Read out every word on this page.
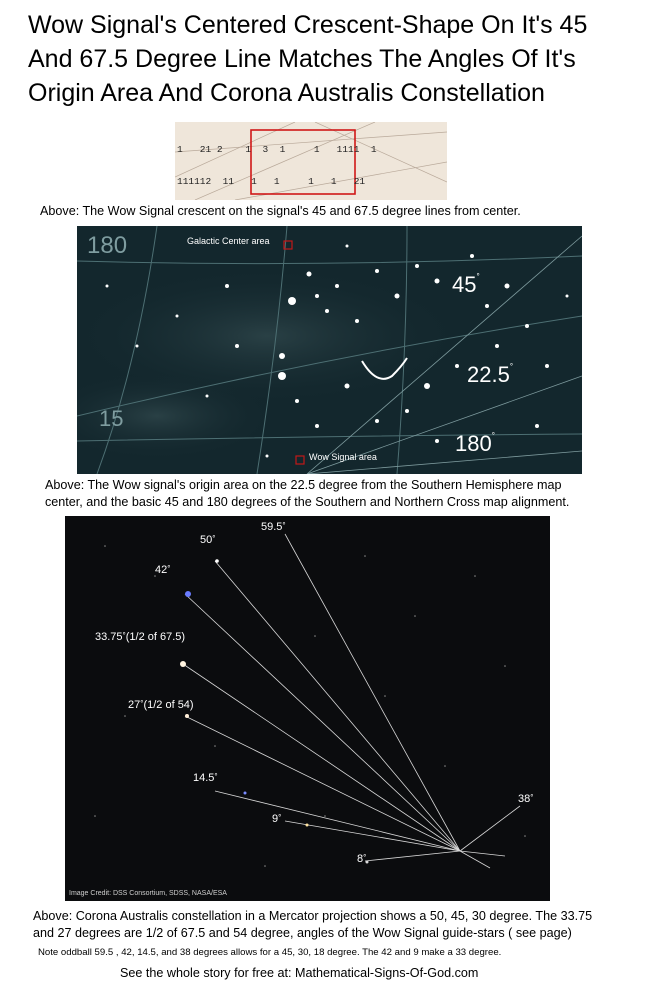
Wow Signal's Centered Crescent-Shape On It's 45
And 67.5 Degree Line Matches The Angles Of It's
Origin Area And Corona Australis Constellation

1   21 2    1  3  1     1   1111  1

111112  11   1   1     1   1   21

Above: The Wow Signal crescent on the signal's 45 and 67.5 degree lines from center.
180
15
Galactic Center area
Wow Signal area
45°
22.5°
180°
Above: The Wow signal's origin area on the 22.5 degree from the Southern Hemisphere map
center, and the basic 45 and 180 degrees of the Southern and Northern Cross map alignment.
59.5°
50°
42°
33.75°(1/2 of 67.5)
27°(1/2 of 54)
14.5°
9°
8°
38°
Image Credit: DSS Consortium, SDSS, NASA/ESA
Above: Corona Australis constellation in a Mercator projection shows a 50, 45, 30 degree. The 33.75
and 27 degrees are 1/2 of 67.5 and 54 degree, angles of the Wow Signal guide-stars ( see page)
Note oddball 59.5 , 42, 14.5, and 38 degrees allows for a 45, 30, 18 degree. The 42 and 9 make a 33 degree.
See the whole story for free at: Mathematical-Signs-Of-God.com
